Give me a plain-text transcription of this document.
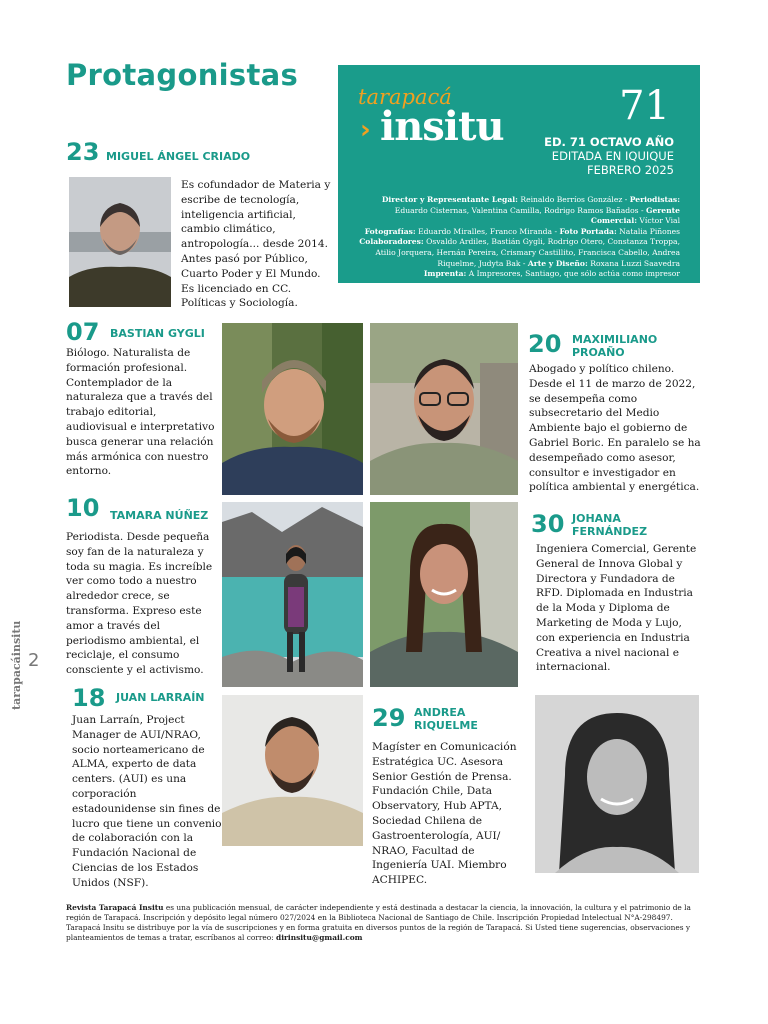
Protagonistas
tarapacá
› insitu	71
ED. 71 OCTAVO AÑO
EDITADA EN IQUIQUE
FEBRERO 2025
Director y Representante Legal: Reinaldo Berríos González - Periodistas: Eduardo Cisternas, Valentina Camilla, Rodrigo Ramos Bañados - Gerente Comercial: Víctor Vial
Fotografías: Eduardo Miralles, Franco Miranda - Foto Portada: Natalia Piñones
Colaboradores: Osvaldo Ardiles, Bastián Gygli, Rodrigo Otero, Constanza Troppa, Atilio Jorquera, Hernán Pereira, Crismary Castillito, Francisca Cabello, Andrea Riquelme, Judyta Bak - Arte y Diseño: Roxana Luzzi Saavedra
Imprenta: A Impresores, Santiago, que sólo actúa como impresor
23 MIGUEL ÁNGEL CRIADO
Es cofundador de Materia y escribe de tecnología, inteligencia artificial, cambio climático, antropología... desde 2014. Antes pasó por Público, Cuarto Poder y El Mundo. Es licenciado en CC. Políticas y Sociología.
07 BASTIAN GYGLI
Biólogo. Naturalista de formación profesional. Contemplador de la naturaleza que a través del trabajo editorial, audiovisual e interpretativo busca generar una relación más armónica con nuestro entorno.
20 MAXIMILIANO
PROAÑO
Abogado y político chileno. Desde el 11 de marzo de 2022, se desempeña como subsecretario del Medio Ambiente bajo el gobierno de Gabriel Boric. En paralelo se ha desempeñado como asesor, consultor e investigador en política ambiental y energética.
10 TAMARA NÚÑEZ
Periodista. Desde pequeña soy fan de la naturaleza y toda su magia. Es increíble ver como todo a nuestro alrededor crece, se transforma. Expreso este amor a través del periodismo ambiental, el reciclaje, el consumo consciente y el activismo.
30 JOHANA
FERNÁNDEZ
Ingeniera Comercial, Gerente General de Innova Global y Directora y Fundadora de RFD. Diplomada en Industria de la Moda y Diploma de Marketing de Moda y Lujo, con experiencia en Industria Creativa a nivel nacional e internacional.
18 JUAN LARRAÍN
Juan Larraín, Project Manager de AUI/NRAO, socio norteamericano de ALMA, experto de data centers. (AUI) es una corporación estadounidense sin fines de lucro que tiene un convenio de colaboración con la Fundación Nacional de Ciencias de los Estados Unidos (NSF).
29 ANDREA
RIQUELME
Magíster en Comunicación Estratégica UC. Asesora Senior Gestión de Prensa. Fundación Chile, Data Observatory, Hub APTA, Sociedad Chilena de Gastroenterología, AUI/ NRAO, Facultad de Ingeniería UAI. Miembro ACHIPEC.
2
tarapacáinsitu
Revista Tarapacá Insitu es una publicación mensual, de carácter independiente y está destinada a destacar la ciencia, la innovación, la cultura y el patrimonio de la región de Tarapacá. Inscripción y depósito legal número 027/2024 en la Biblioteca Nacional de Santiago de Chile. Inscripción Propiedad Intelectual N°A-298497. Tarapacá Insitu se distribuye por la vía de suscripciones y en forma gratuita en diversos puntos de la región de Tarapacá. Si Usted tiene sugerencias, observaciones y planteamientos de temas a tratar, escríbanos al correo: dirinsitu@gmail.com
